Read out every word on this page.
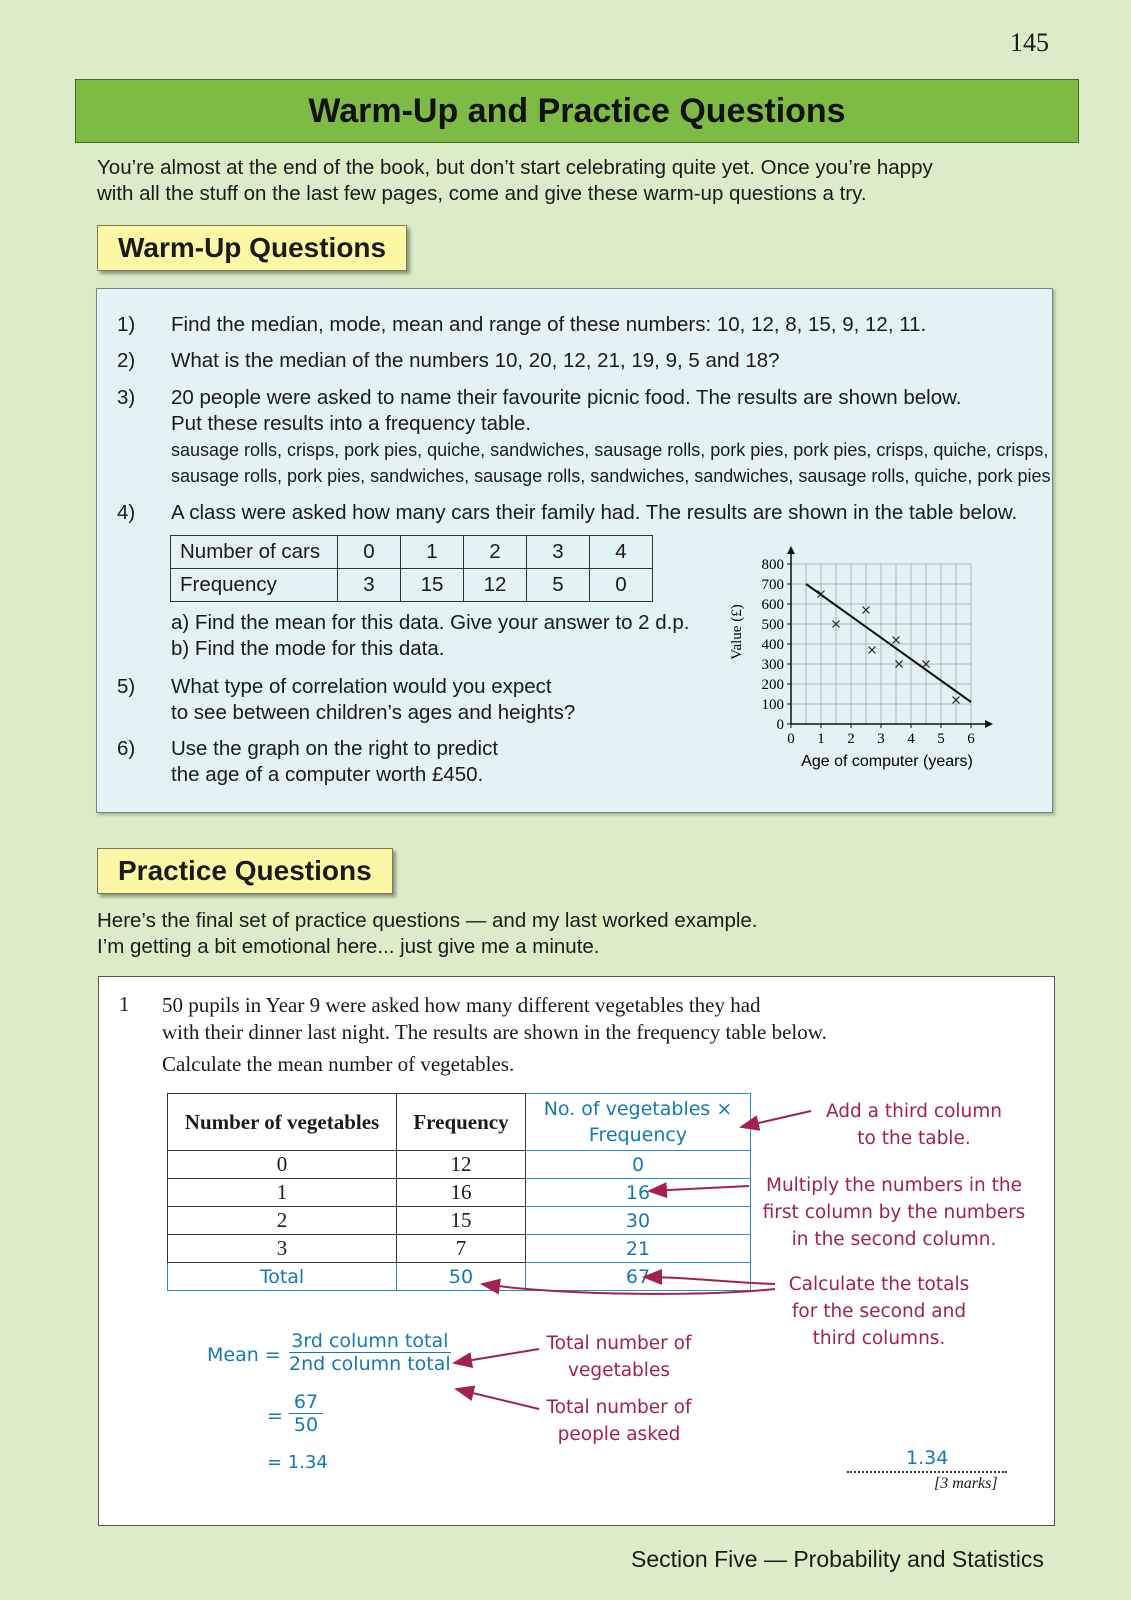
145
Warm-Up and Practice Questions
You’re almost at the end of the book, but don’t start celebrating quite yet. Once you’re happy
with all the stuff on the last few pages, come and give these warm-up questions a try.
Warm-Up Questions
1) Find the median, mode, mean and range of these numbers: 10, 12, 8, 15, 9, 12, 11.
2) What is the median of the numbers 10, 20, 12, 21, 19, 9, 5 and 18?
3) 20 people were asked to name their favourite picnic food. The results are shown below.
Put these results into a frequency table.
sausage rolls, crisps, pork pies, quiche, sandwiches, sausage rolls, pork pies, pork pies, crisps, quiche, crisps,
sausage rolls, pork pies, sandwiches, sausage rolls, sandwiches, sandwiches, sausage rolls, quiche, pork pies
4) A class were asked how many cars their family had. The results are shown in the table below.
Number of cars	0	1	2	3	4
Frequency	3	15	12	5	0
a) Find the mean for this data. Give your answer to 2 d.p.
b) Find the mode for this data.
5) What type of correlation would you expect
to see between children’s ages and heights?
6) Use the graph on the right to predict
the age of a computer worth £450.
0 1 2 3 4 5 6
0
100
200
300
400
500
600
700
800
Value (£)
Age of computer (years)
Practice Questions
Here’s the final set of practice questions — and my last worked example.
I’m getting a bit emotional here... just give me a minute.
1 50 pupils in Year 9 were asked how many different vegetables they had
with their dinner last night. The results are shown in the frequency table below.
Calculate the mean number of vegetables.
Number of vegetables	Frequency	No. of vegetables ×
Frequency

0	12	0
1	16	16
2	15	30
3	7	21
Total	50	67
Add a third column
to the table.
Multiply the numbers in the
first column by the numbers
in the second column.
Calculate the totals
for the second and
third columns.
Total number of
vegetables
Total number of
people asked
Mean =
3rd column total
2nd column total
= $\frac{67}{50}$
= 1.34	1.34
[3 marks]
Section Five — Probability and Statistics
